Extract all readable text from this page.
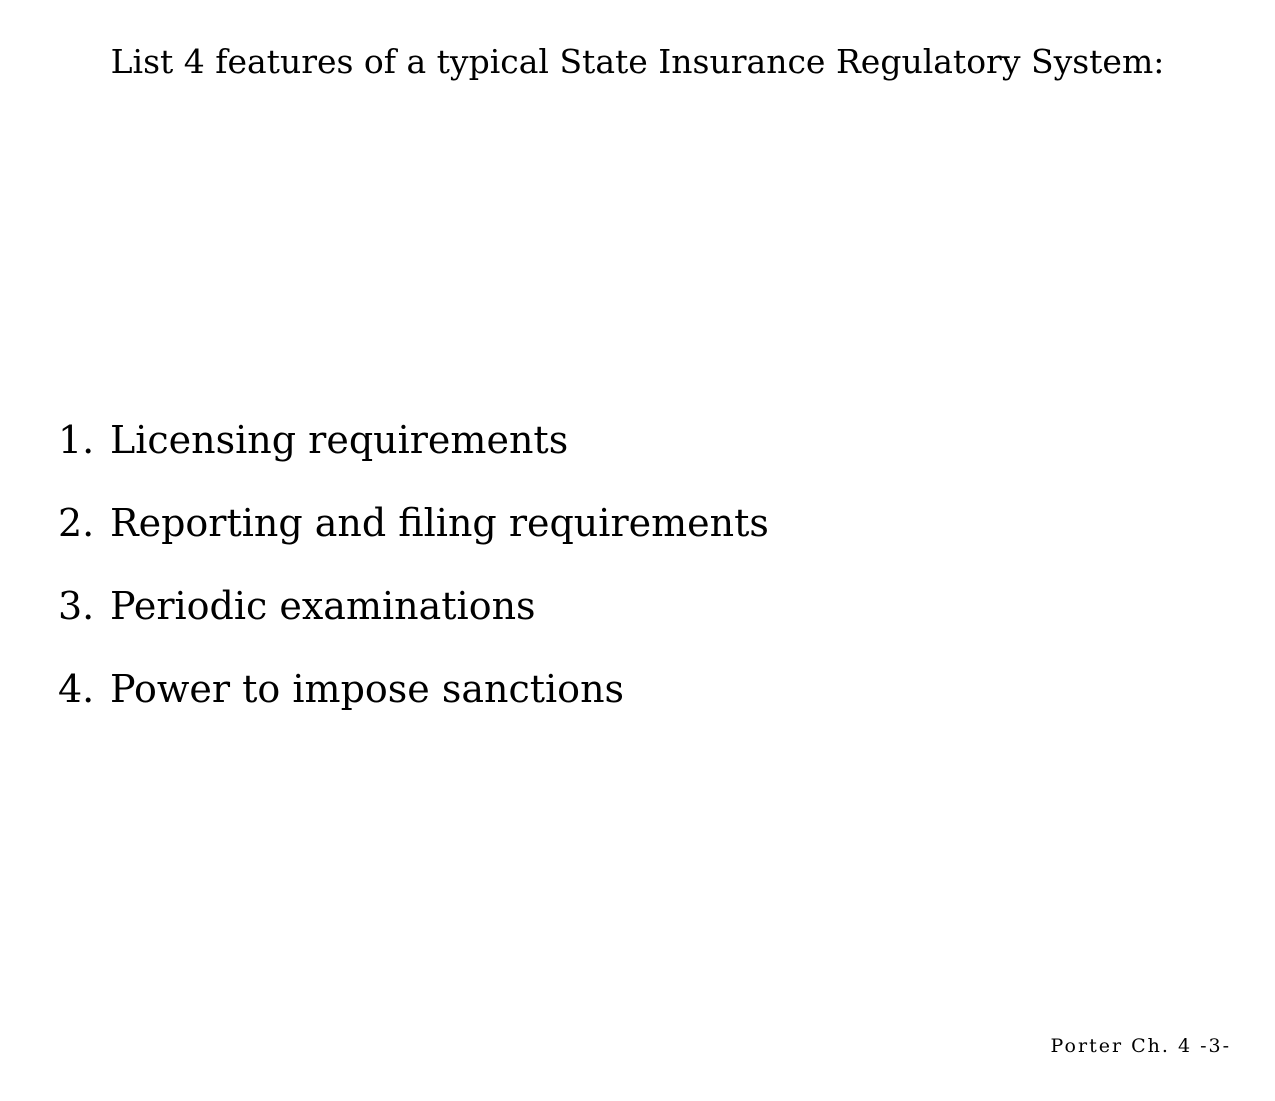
List 4 features of a typical State Insurance Regulatory System:
1. Licensing requirements
2. Reporting and filing requirements
3. Periodic examinations
4. Power to impose sanctions
Porter Ch. 4 -3-
